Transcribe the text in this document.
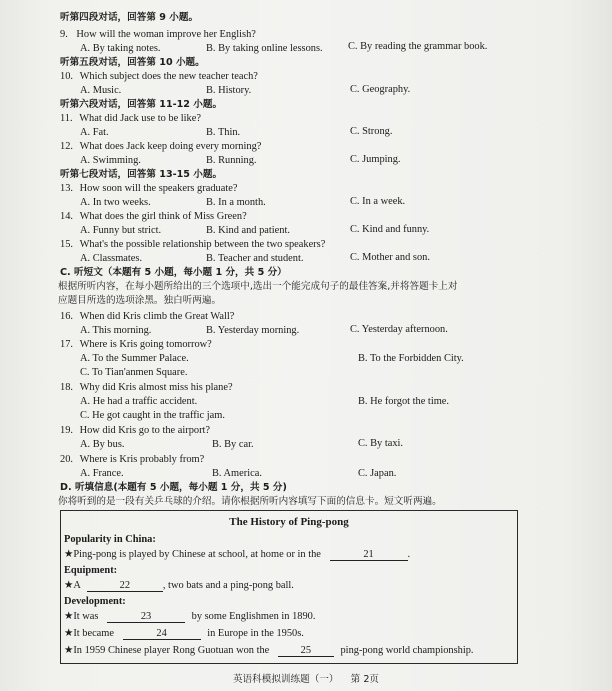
听第四段对话，回答第 9 小题。
9. How will the woman improve her English?
A. By taking notes.	B. By taking online lessons. C. By reading the grammar book.
听第五段对话，回答第 10 小题。
10. Which subject does the new teacher teach?
A. Music.	B. History.	C. Geography.
听第六段对话，回答第 11-12 小题。
11. What did Jack use to be like?
A. Fat.	B. Thin.	C. Strong.
12. What does Jack keep doing every morning?
A. Swimming.	B. Running.	C. Jumping.
听第七段对话，回答第 13-15 小题。
13. How soon will the speakers graduate?
A. In two weeks.	B. In a month.	C. In a week.
14. What does the girl think of Miss Green?
A. Funny but strict.	B. Kind and patient.	C. Kind and funny.
15. What's the possible relationship between the two speakers?
A. Classmates.	B. Teacher and student.	C. Mother and son.
C. 听短文（本题有 5 小题，每小题 1 分，共 5 分）
根据所听内容，在每小题所给出的三个选项中,选出一个能完成句子的最佳答案,并将答题卡上对
应题目所选的选项涂黑。独白听两遍。
16. When did Kris climb the Great Wall?
A. This morning.	B. Yesterday morning.	C. Yesterday afternoon.
17. Where is Kris going tomorrow?
A. To the Summer Palace.	B. To the Forbidden City.
C. To Tian'anmen Square.
18. Why did Kris almost miss his plane?
A. He had a traffic accident.	B. He forgot the time.
C. He got caught in the traffic jam.
19. How did Kris go to the airport?
A. By bus.	B. By car.	C. By taxi.
20. Where is Kris probably from?
A. France.	B. America.	C. Japan.
D. 听填信息(本题有 5 小题，每小题 1 分，共 5 分)
你将听到的是一段有关乒乓球的介绍。请你根据所听内容填写下面的信息卡。短文听两遍。
The History of Ping-pong
Popularity in China:
★Ping-pong is played by Chinese at school, at home or in the	21	.
Equipment:
★A	22	, two bats and a ping-pong ball.
Development:
★It was	23	by some Englishmen in 1890.
★It became	24	in Europe in the 1950s.
★In 1959 Chinese player Rong Guotuan won the	25	ping-pong world championship.
英语科模拟训练题（一）    第 2页
